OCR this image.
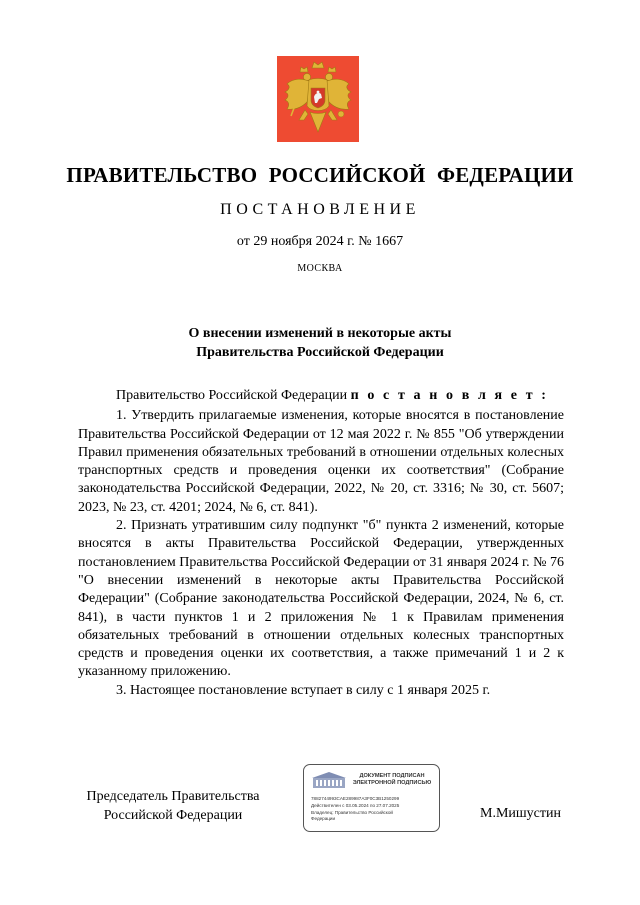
ПРАВИТЕЛЬСТВО РОССИЙСКОЙ ФЕДЕРАЦИИ
ПОСТАНОВЛЕНИЕ
от 29 ноября 2024 г. № 1667
МОСКВА
О внесении изменений в некоторые акты
Правительства Российской Федерации

Правительство Российской Федерации п о с т а н о в л я е т :

1. Утвердить прилагаемые изменения, которые вносятся в постановление Правительства Российской Федерации от 12 мая 2022 г. № 855 "Об утверждении Правил применения обязательных требований в отношении отдельных колесных транспортных средств и проведения оценки их соответствия" (Собрание законодательства Российской Федерации, 2022, № 20, ст. 3316; № 30, ст. 5607; 2023, № 23, ст. 4201; 2024, № 6, ст. 841).

2. Признать утратившим силу подпункт "б" пункта 2 изменений, которые вносятся в акты Правительства Российской Федерации, утвержденных постановлением Правительства Российской Федерации от 31 января 2024 г. № 76 "О внесении изменений в некоторые акты Правительства Российской Федерации" (Собрание законодательства Российской Федерации, 2024, № 6, ст. 841), в части пунктов 1 и 2 приложения № 1 к Правилам применения обязательных требований в отношении отдельных колесных транспортных средств и проведения оценки их соответствия, а также примечаний 1 и 2 к указанному приложению.

3. Настоящее постановление вступает в силу с 1 января 2025 г.

Председатель Правительства
Российской Федерации
ДОКУМЕНТ ПОДПИСАН
ЭЛЕКТРОННОЙ ПОДПИСЬЮ
7882744993CAE289987A3F0C3B1250299
Действителен с 03.05.2024 по 27.07.2025
Владелец: Правительство Российской
Федерации	М.Мишустин
